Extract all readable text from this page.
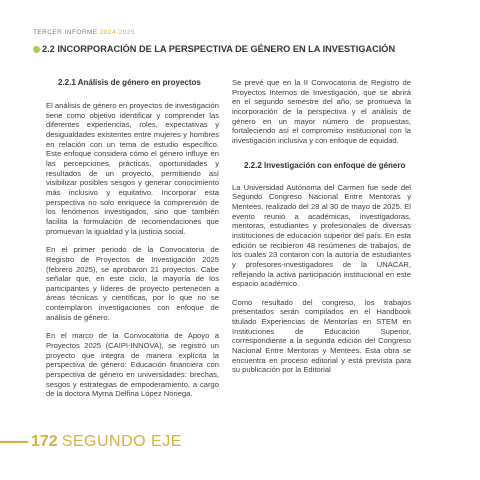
TERCER INFORME 2024-2025
2.2 INCORPORACIÓN DE LA PERSPECTIVA DE GÉNERO EN LA INVESTIGACIÓN
2.2.1 Análisis de género en proyectos

El análisis de género en proyectos de investigación tiene como objetivo identificar y comprender las diferentes experiencias, roles, expectativas y desigualdades existentes entre mujeres y hombres en relación con un tema de estudio específico. Este enfoque considera cómo el género influye en las percepciones, prácticas, oportunidades y resultados de un proyecto, permitiendo así visibilizar posibles sesgos y generar conocimiento más inclusivo y equitativo. Incorporar esta perspectiva no solo enriquece la comprensión de los fenómenos investigados, sino que también facilita la formulación de recomendaciones que promuevan la igualdad y la justicia social.

En el primer periodo de la Convocatoria de Registro de Proyectos de Investigación 2025 (febrero 2025), se aprobaron 21 proyectos. Cabe señalar que, en este ciclo, la mayoría de los participantes y líderes de proyecto pertenecen a áreas técnicas y científicas, por lo que no se contemplaron investigaciones con enfoque de análisis de género.

En el marco de la Convocatoria de Apoyo a Proyectos 2025 (CAIPI-INNOVA), se registró un proyecto que integra de manera explícita la perspectiva de género: Educación financiera con perspectiva de género en universidades: brechas, sesgos y estrategias de empoderamiento, a cargo de la doctora Myrna Delfina López Noriega.

Se prevé que en la II Convocatoria de Registro de Proyectos Internos de Investigación, que se abrirá en el segundo semestre del año, se promueva la incorporación de la perspectiva y el análisis de género en un mayor número de propuestas, fortaleciendo así el compromiso institucional con la investigación inclusiva y con enfoque de equidad.

2.2.2 Investigación con enfoque de género

La Universidad Autónoma del Carmen fue sede del Segundo Congreso Nacional Entre Mentoras y Mentees, realizado del 28 al 30 de mayo de 2025. El evento reunió a académicas, investigadoras, mentoras, estudiantes y profesionales de diversas instituciones de educación superior del país. En esta edición se recibieron 48 resúmenes de trabajos, de los cuales 23 contaron con la autoría de estudiantes y profesores-investigadores de la UNACAR, reflejando la activa participación institucional en este espacio académico.

Como resultado del congreso, los trabajos presentados serán compilados en el Handbook titulado Experiencias de Mentorías en STEM en Instituciones de Educación Superior, correspondiente a la segunda edición del Congreso Nacional Entre Mentoras y Mentees. Esta obra se encuentra en proceso editorial y está prevista para su publicación por la Editorial

172 SEGUNDO EJE
